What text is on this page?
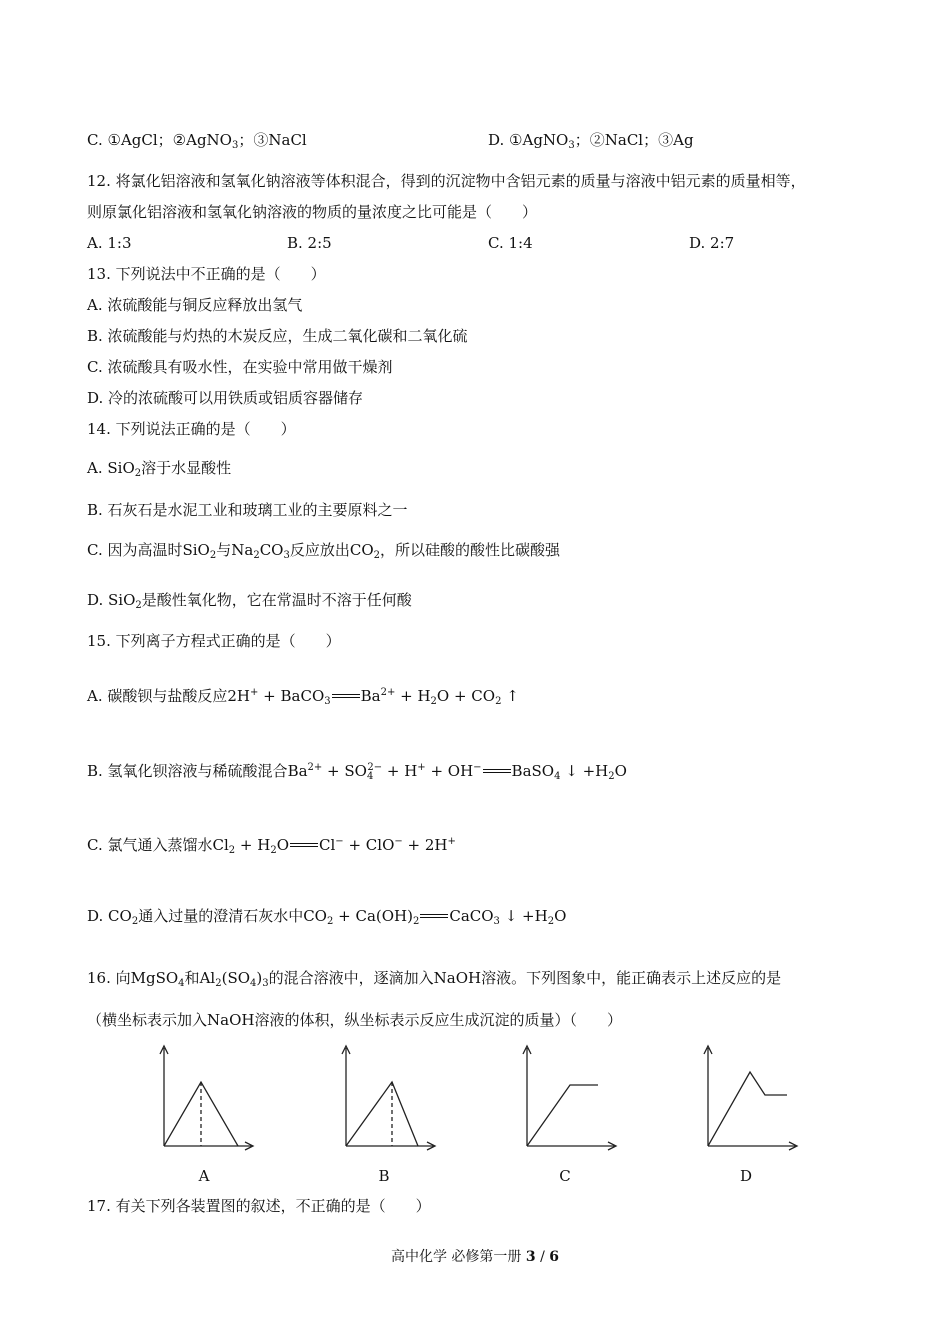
C. ①AgCl；②AgNO$_3$；③NaCl	D. ①AgNO$_3$；②NaCl；③Ag
12. 将氯化铝溶液和氢氧化钠溶液等体积混合，得到的沉淀物中含铝元素的质量与溶液中铝元素的质量相等，
则原氯化铝溶液和氢氧化钠溶液的物质的量浓度之比可能是（　　）
A. 1:3	B. 2:5	C. 1:4	D. 2:7
13. 下列说法中不正确的是（　　）
A. 浓硫酸能与铜反应释放出氢气
B. 浓硫酸能与灼热的木炭反应，生成二氧化碳和二氧化硫
C. 浓硫酸具有吸水性，在实验中常用做干燥剂
D. 冷的浓硫酸可以用铁质或铝质容器储存
14. 下列说法正确的是（　　）
A. SiO$_2$溶于水显酸性
B. 石灰石是水泥工业和玻璃工业的主要原料之一
C. 因为高温时SiO$_2$与$Na_2CO_3$反应放出$CO_2$，所以硅酸的酸性比碳酸强
D. SiO$_2$是酸性氧化物，它在常温时不溶于任何酸
15. 下列离子方程式正确的是（　　）
A. 碳酸钡与盐酸反应2H+ + BaCO$_3$ $Ba^{2+} + H_2O + CO_2$ ↑
B. 氢氧化钡溶液与稀硫酸混合$Ba^{2+} + SO_4^{2-} + H^+ + OH^-$ BaSO$_4$ ↓ $+H_2O$
C. 氯气通入蒸馏水$Cl_2 + H_2O$ Cl− + ClO− + 2H+
D. $CO_2$通入过量的澄清石灰水中$CO_2 + Ca(OH)_2$ CaCO$_3$ ↓ $+H_2O$
16. 向MgSO$_4$和$Al_2(SO_4)_3$的混合溶液中，逐滴加入NaOH溶液。下列图象中，能正确表示上述反应的是
（横坐标表示加入NaOH溶液的体积，纵坐标表示反应生成沉淀的质量）（　　）
A	B	C	D
17. 有关下列各装置图的叙述，不正确的是（　　）
高中化学 必修第一册 3 / 6
